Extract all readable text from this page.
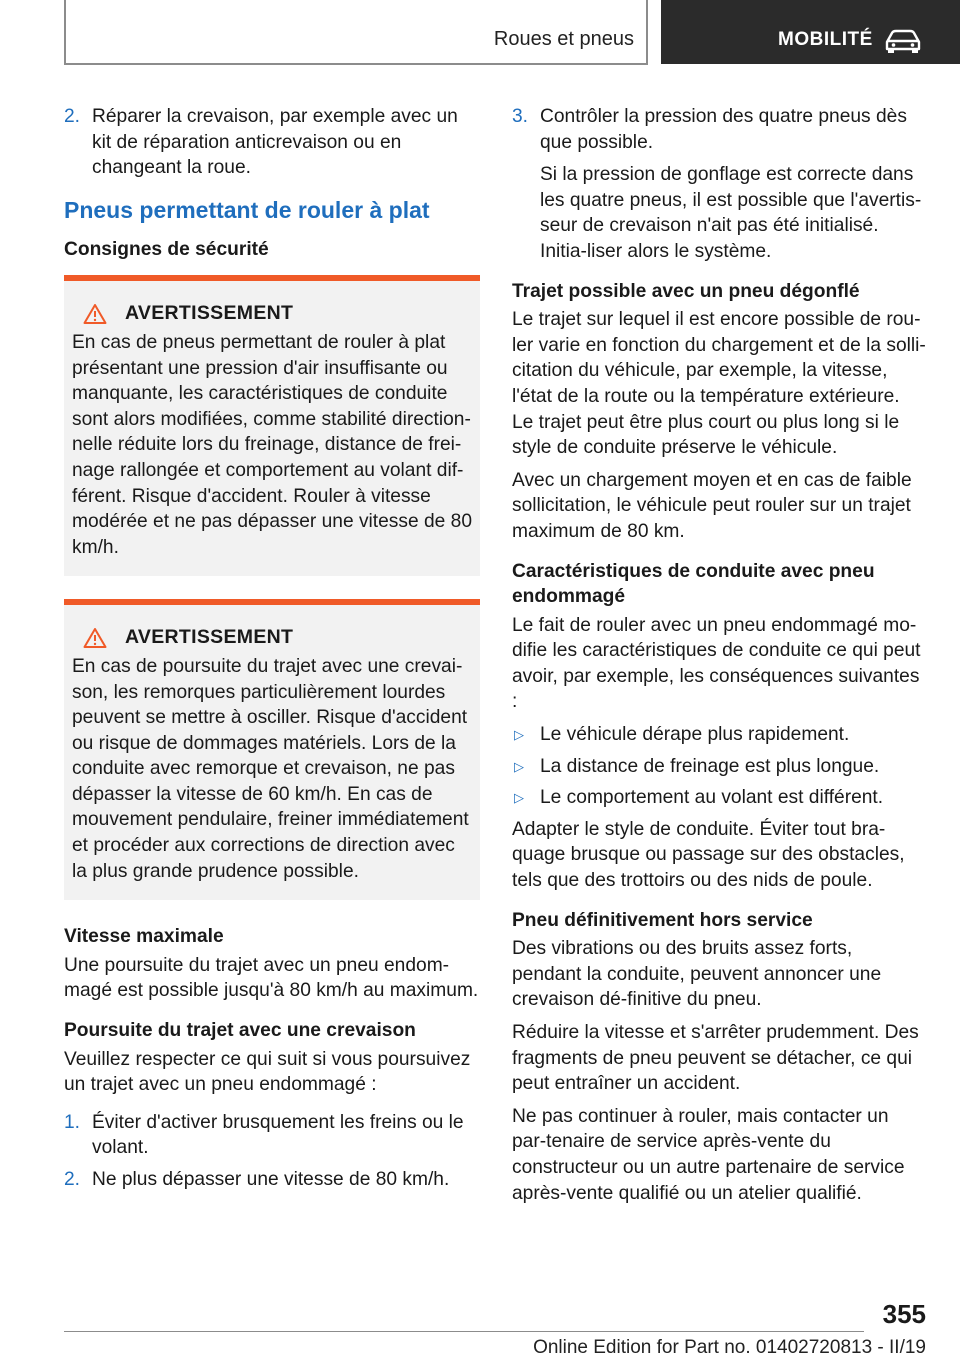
Roues et pneus	MOBILITÉ
2. Réparer la crevaison, par exemple avec un kit de réparation anticrevaison ou en changeant la roue.
Pneus permettant de rouler à plat
Consignes de sécurité
AVERTISSEMENT
En cas de pneus permettant de rouler à plat présentant une pression d'air insuffisante ou manquante, les caractéristiques de conduite sont alors modifiées, comme stabilité direction-nelle réduite lors du freinage, distance de frei-nage rallongée et comportement au volant dif-férent. Risque d'accident. Rouler à vitesse modérée et ne pas dépasser une vitesse de 80 km/h.
AVERTISSEMENT
En cas de poursuite du trajet avec une crevai-son, les remorques particulièrement lourdes peuvent se mettre à osciller. Risque d'accident ou risque de dommages matériels. Lors de la conduite avec remorque et crevaison, ne pas dépasser la vitesse de 60 km/h. En cas de mouvement pendulaire, freiner immédiatement et procéder aux corrections de direction avec la plus grande prudence possible.
Vitesse maximale
Une poursuite du trajet avec un pneu endom-magé est possible jusqu'à 80 km/h au maximum.
Poursuite du trajet avec une crevaison
Veuillez respecter ce qui suit si vous poursuivez un trajet avec un pneu endommagé :
1. Éviter d'activer brusquement les freins ou le volant.
2. Ne plus dépasser une vitesse de 80 km/h.
3. Contrôler la pression des quatre pneus dès que possible.
Si la pression de gonflage est correcte dans les quatre pneus, il est possible que l'avertis-seur de crevaison n'ait pas été initialisé. Initia-liser alors le système.
Trajet possible avec un pneu dégonflé
Le trajet sur lequel il est encore possible de rou-ler varie en fonction du chargement et de la solli-citation du véhicule, par exemple, la vitesse, l'état de la route ou la température extérieure. Le trajet peut être plus court ou plus long si le style de conduite préserve le véhicule.
Avec un chargement moyen et en cas de faible sollicitation, le véhicule peut rouler sur un trajet maximum de 80 km.
Caractéristiques de conduite avec pneu endommagé
Le fait de rouler avec un pneu endommagé mo-difie les caractéristiques de conduite ce qui peut avoir, par exemple, les conséquences suivantes :
▷ Le véhicule dérape plus rapidement.
▷ La distance de freinage est plus longue.
▷ Le comportement au volant est différent.
Adapter le style de conduite. Éviter tout bra-quage brusque ou passage sur des obstacles, tels que des trottoirs ou des nids de poule.
Pneu définitivement hors service
Des vibrations ou des bruits assez forts, pendant la conduite, peuvent annoncer une crevaison dé-finitive du pneu.
Réduire la vitesse et s'arrêter prudemment. Des fragments de pneu peuvent se détacher, ce qui peut entraîner un accident.
Ne pas continuer à rouler, mais contacter un par-tenaire de service après-vente du constructeur ou un autre partenaire de service après-vente qualifié ou un atelier qualifié.
355
Online Edition for Part no. 01402720813 - II/19
